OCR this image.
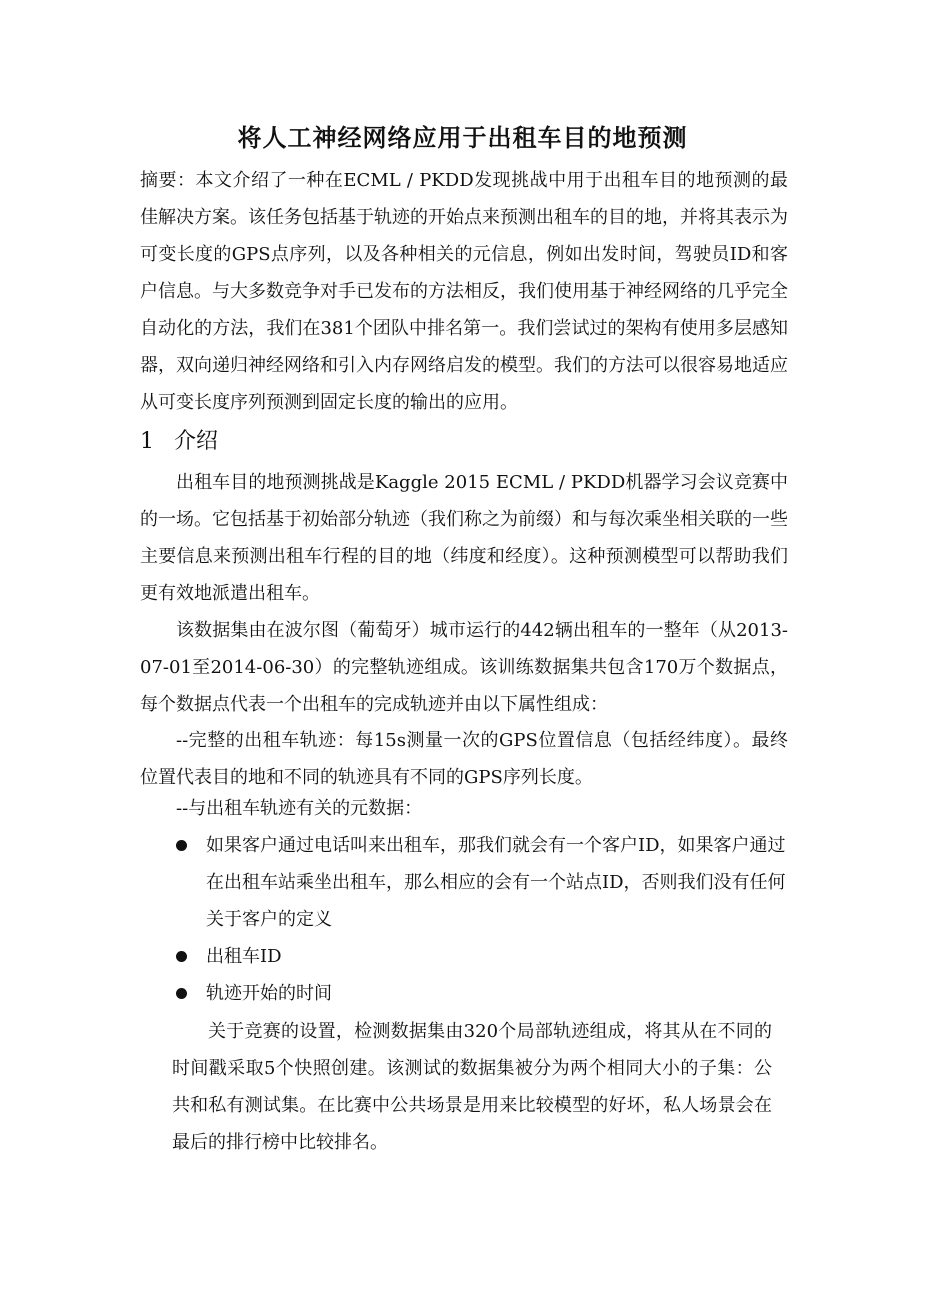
将人工神经网络应用于出租车目的地预测

摘要：本文介绍了一种在ECML / PKDD发现挑战中用于出租车目的地预测的最佳解决方案。该任务包括基于轨迹的开始点来预测出租车的目的地，并将其表示为可变长度的GPS点序列，以及各种相关的元信息，例如出发时间，驾驶员ID和客户信息。与大多数竞争对手已发布的方法相反，我们使用基于神经网络的几乎完全自动化的方法，我们在381个团队中排名第一。我们尝试过的架构有使用多层感知器，双向递归神经网络和引入内存网络启发的模型。我们的方法可以很容易地适应从可变长度序列预测到固定长度的输出的应用。

1 介绍

出租车目的地预测挑战是Kaggle 2015 ECML / PKDD机器学习会议竞赛中的一场。它包括基于初始部分轨迹（我们称之为前缀）和与每次乘坐相关联的一些主要信息来预测出租车行程的目的地（纬度和经度）。这种预测模型可以帮助我们更有效地派遣出租车。

该数据集由在波尔图（葡萄牙）城市运行的442辆出租车的一整年（从2013-07-01至2014-06-30）的完整轨迹组成。该训练数据集共包含170万个数据点，每个数据点代表一个出租车的完成轨迹并由以下属性组成：

--完整的出租车轨迹：每15s测量一次的GPS位置信息（包括经纬度）。最终位置代表目的地和不同的轨迹具有不同的GPS序列长度。

--与出租车轨迹有关的元数据：

如果客户通过电话叫来出租车，那我们就会有一个客户ID，如果客户通过在出租车站乘坐出租车，那么相应的会有一个站点ID，否则我们没有任何关于客户的定义
出租车ID
轨迹开始的时间

关于竞赛的设置，检测数据集由320个局部轨迹组成，将其从在不同的时间戳采取5个快照创建。该测试的数据集被分为两个相同大小的子集：公共和私有测试集。在比赛中公共场景是用来比较模型的好坏，私人场景会在最后的排行榜中比较排名。
